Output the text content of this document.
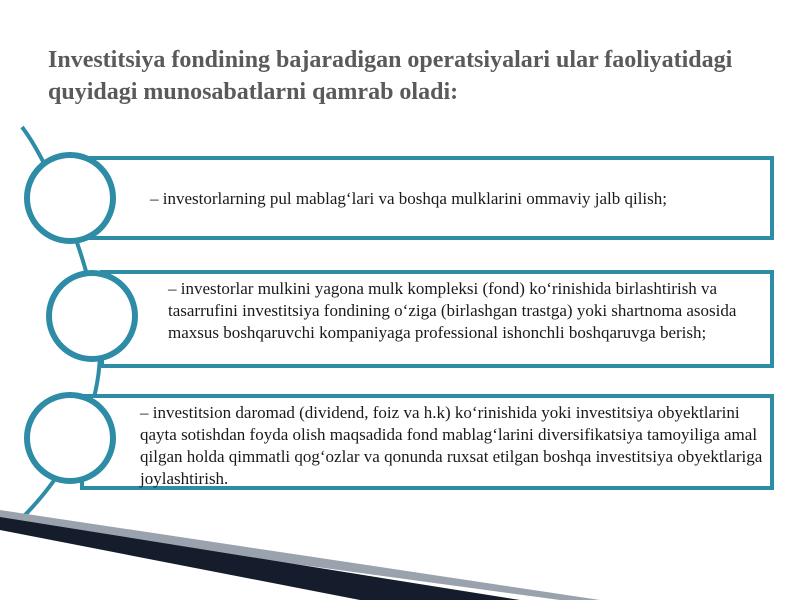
Investitsiya fondining bajaradigan operatsiyalari ular faoliyatidagi quyidagi munosabatlarni qamrab oladi:

– investorlarning pul mablag‘lari va boshqa mulklarini ommaviy jalb qilish;

– investorlar mulkini yagona mulk kompleksi (fond) ko‘rinishida birlashtirish va tasarrufini investitsiya fondining o‘ziga (birlashgan trastga) yoki shartnoma asosida maxsus boshqaruvchi kompaniyaga professional ishonchli boshqaruvga berish;

– investitsion daromad (dividend, foiz va h.k) ko‘rinishida yoki investitsiya obyektlarini qayta sotishdan foyda olish maqsadida fond mablag‘larini diversifikatsiya tamoyiliga amal qilgan holda qimmatli qog‘ozlar va qonunda ruxsat etilgan boshqa investitsiya obyektlariga joylashtirish.
